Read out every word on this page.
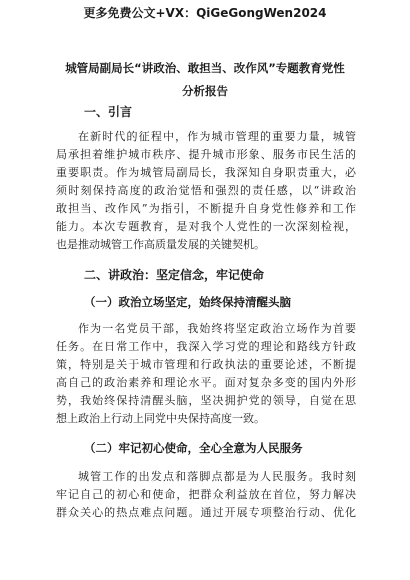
更多免费公文+VX：QiGeGongWen2024
城管局副局长“讲政治、敢担当、改作风”专题教育党性
分析报告
一、引言
在新时代的征程中，作为城市管理的重要力量，城管
局承担着维护城市秩序、提升城市形象、服务市民生活的
重要职责。作为城管局副局长，我深知自身职责重大，必
须时刻保持高度的政治觉悟和强烈的责任感，以“讲政治
敢担当、改作风”为指引，不断提升自身党性修养和工作
能力。本次专题教育，是对我个人党性的一次深刻检视，
也是推动城管工作高质量发展的关键契机。
二、讲政治：坚定信念，牢记使命
（一）政治立场坚定，始终保持清醒头脑
作为一名党员干部，我始终将坚定政治立场作为首要
任务。在日常工作中，我深入学习党的理论和路线方针政
策，特别是关于城市管理和行政执法的重要论述，不断提
高自己的政治素养和理论水平。面对复杂多变的国内外形
势，我始终保持清醒头脑，坚决拥护党的领导，自觉在思
想上政治上行动上同党中央保持高度一致。
（二）牢记初心使命，全心全意为人民服务
城管工作的出发点和落脚点都是为人民服务。我时刻
牢记自己的初心和使命，把群众利益放在首位，努力解决
群众关心的热点难点问题。通过开展专项整治行动、优化
